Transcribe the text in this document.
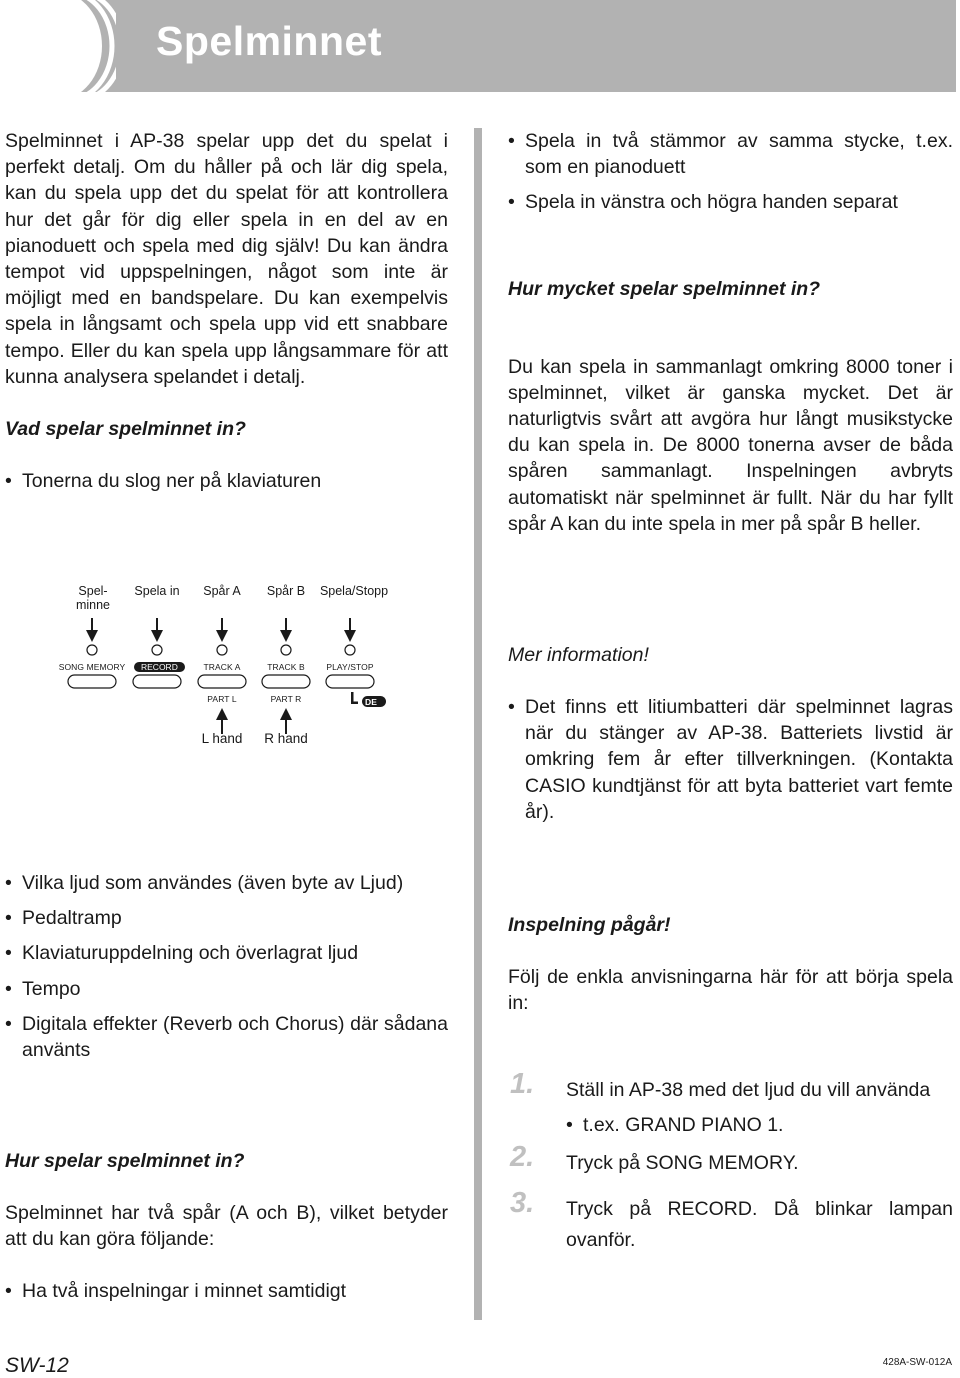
Spelminnet

Spelminnet i AP-38 spelar upp det du spelat i perfekt detalj. Om du håller på och lär dig spela, kan du spela upp det du spelat för att kontrollera hur det går för dig eller spela in en del av en pianoduett och spela med dig själv! Du kan ändra tempot vid uppspelningen, något som inte är möjligt med en bandspelare. Du kan exempelvis spela in långsamt och spela upp vid ett snabbare tempo. Eller du kan spela upp långsammare för att kunna analysera spelandet i detalj.

Vad spelar spelminnet in?
• Tonerna du slog ner på klaviaturen
Spel-
minne
Spela in	Spår A	Spår B	Spela/Stopp
SONG MEMORY	RECORD	TRACK A	TRACK B	PLAY/STOP
PART L	PART R	DE
L hand	R hand
• Vilka ljud som användes (även byte av Ljud)
• Pedaltramp
• Klaviaturuppdelning och överlagrat ljud
• Tempo
• Digitala effekter (Reverb och Chorus) där sådana använts
Hur spelar spelminnet in?

Spelminnet har två spår (A och B), vilket betyder att du kan göra följande:

• Ha två inspelningar i minnet samtidigt
• Spela in två stämmor av samma stycke, t.ex. som en pianoduett
• Spela in vänstra och högra handen separat
Hur mycket spelar spelminnet in?

Du kan spela in sammanlagt omkring 8000 toner i spelminnet, vilket är ganska mycket. Det är naturligtvis svårt att avgöra hur långt musikstycke du kan spela in. De 8000 tonerna avser de båda spåren sammanlagt. Inspelningen avbryts automatiskt när spelminnet är fullt. När du har fyllt spår A kan du inte spela in mer på spår B heller.

Mer information!
• Det finns ett litiumbatteri där spelminnet lagras när du stänger av AP-38. Batteriets livstid är omkring fem år efter tillverkningen. (Kontakta CASIO kundtjänst för att byta batteriet vart femte år).
Inspelning pågår!

Följ de enkla anvisningarna här för att börja spela in:

1. Ställ in AP-38 med det ljud du vill använda
• t.ex. GRAND PIANO 1.
2. Tryck på SONG MEMORY.
3. Tryck på RECORD. Då blinkar lampan ovanför.
SW-12	428A-SW-012A
